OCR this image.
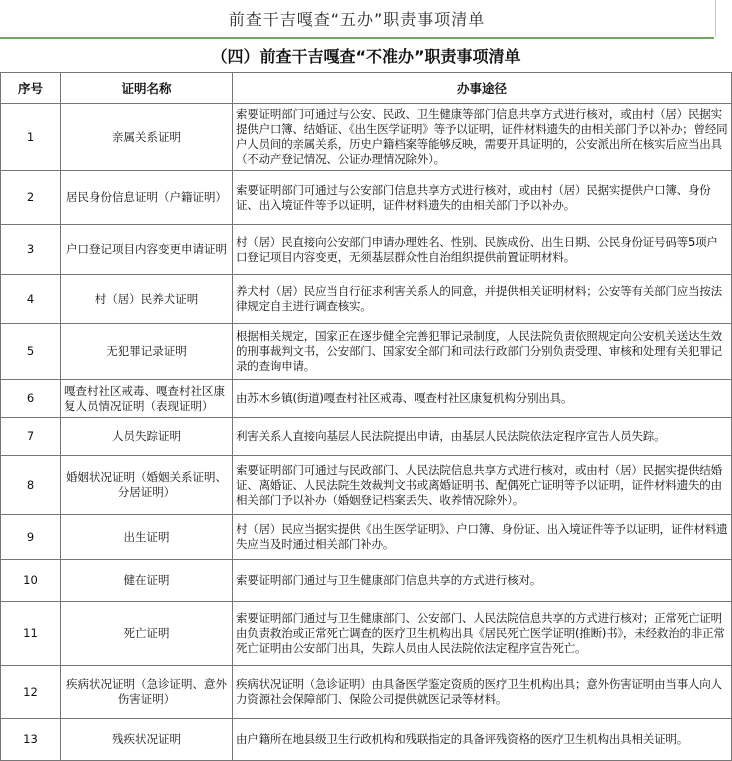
前查干吉嘎查“五办”职责事项清单
（四）前查干吉嘎查“不准办”职责事项清单
序号	证明名称	办事途径
1	亲属关系证明	索要证明部门可通过与公安、民政、卫生健康等部门信息共享方式进行核对，或由村（居）民据实提供户口簿、结婚证、《出生医学证明》等予以证明，证件材料遗失的由相关部门予以补办；曾经同户人员间的亲属关系，历史户籍档案等能够反映，需要开具证明的，公安派出所在核实后应当出具（不动产登记情况、公证办理情况除外）。
2	居民身份信息证明（户籍证明）	索要证明部门可通过与公安部门信息共享方式进行核对，或由村（居）民据实提供户口簿、身份证、出入境证件等予以证明，证件材料遗失的由相关部门予以补办。
3	户口登记项目内容变更申请证明	村（居）民直接向公安部门申请办理姓名、性别、民族成份、出生日期、公民身份证号码等5项户口登记项目内容变更，无须基层群众性自治组织提供前置证明材料。
4	村（居）民养犬证明	养犬村（居）民应当自行征求利害关系人的同意，并提供相关证明材料；公安等有关部门应当按法律规定自主进行调查核实。
5	无犯罪记录证明	根据相关规定，国家正在逐步健全完善犯罪记录制度，人民法院负责依照规定向公安机关送达生效的刑事裁判文书，公安部门、国家安全部门和司法行政部门分别负责受理、审核和处理有关犯罪记录的查询申请。
6	嘎查村社区戒毒、嘎查村社区康复人员情况证明（表现证明）	由苏木乡镇(街道)嘎查村社区戒毒、嘎查村社区康复机构分别出具。
7	人员失踪证明	利害关系人直接向基层人民法院提出申请，由基层人民法院依法定程序宣告人员失踪。
8	婚姻状况证明（婚姻关系证明、分居证明）	索要证明部门可通过与民政部门、人民法院信息共享方式进行核对，或由村（居）民据实提供结婚证、离婚证、人民法院生效裁判文书或离婚证明书、配偶死亡证明等予以证明，证件材料遗失的由相关部门予以补办（婚姻登记档案丢失、收养情况除外）。
9	出生证明	村（居）民应当据实提供《出生医学证明》、户口簿、身份证、出入境证件等予以证明，证件材料遗失应当及时通过相关部门补办。
10	健在证明	索要证明部门通过与卫生健康部门信息共享的方式进行核对。
11	死亡证明	索要证明部门通过与卫生健康部门、公安部门、人民法院信息共享的方式进行核对；正常死亡证明由负责救治或正常死亡调查的医疗卫生机构出具《居民死亡医学证明(推断)书》，未经救治的非正常死亡证明由公安部门出具，失踪人员由人民法院依法定程序宣告死亡。
12	疾病状况证明（急诊证明、意外伤害证明）	疾病状况证明（急诊证明）由具备医学鉴定资质的医疗卫生机构出具；意外伤害证明由当事人向人力资源社会保障部门、保险公司提供就医记录等材料。
13	残疾状况证明	由户籍所在地县级卫生行政机构和残联指定的具备评残资格的医疗卫生机构出具相关证明。
